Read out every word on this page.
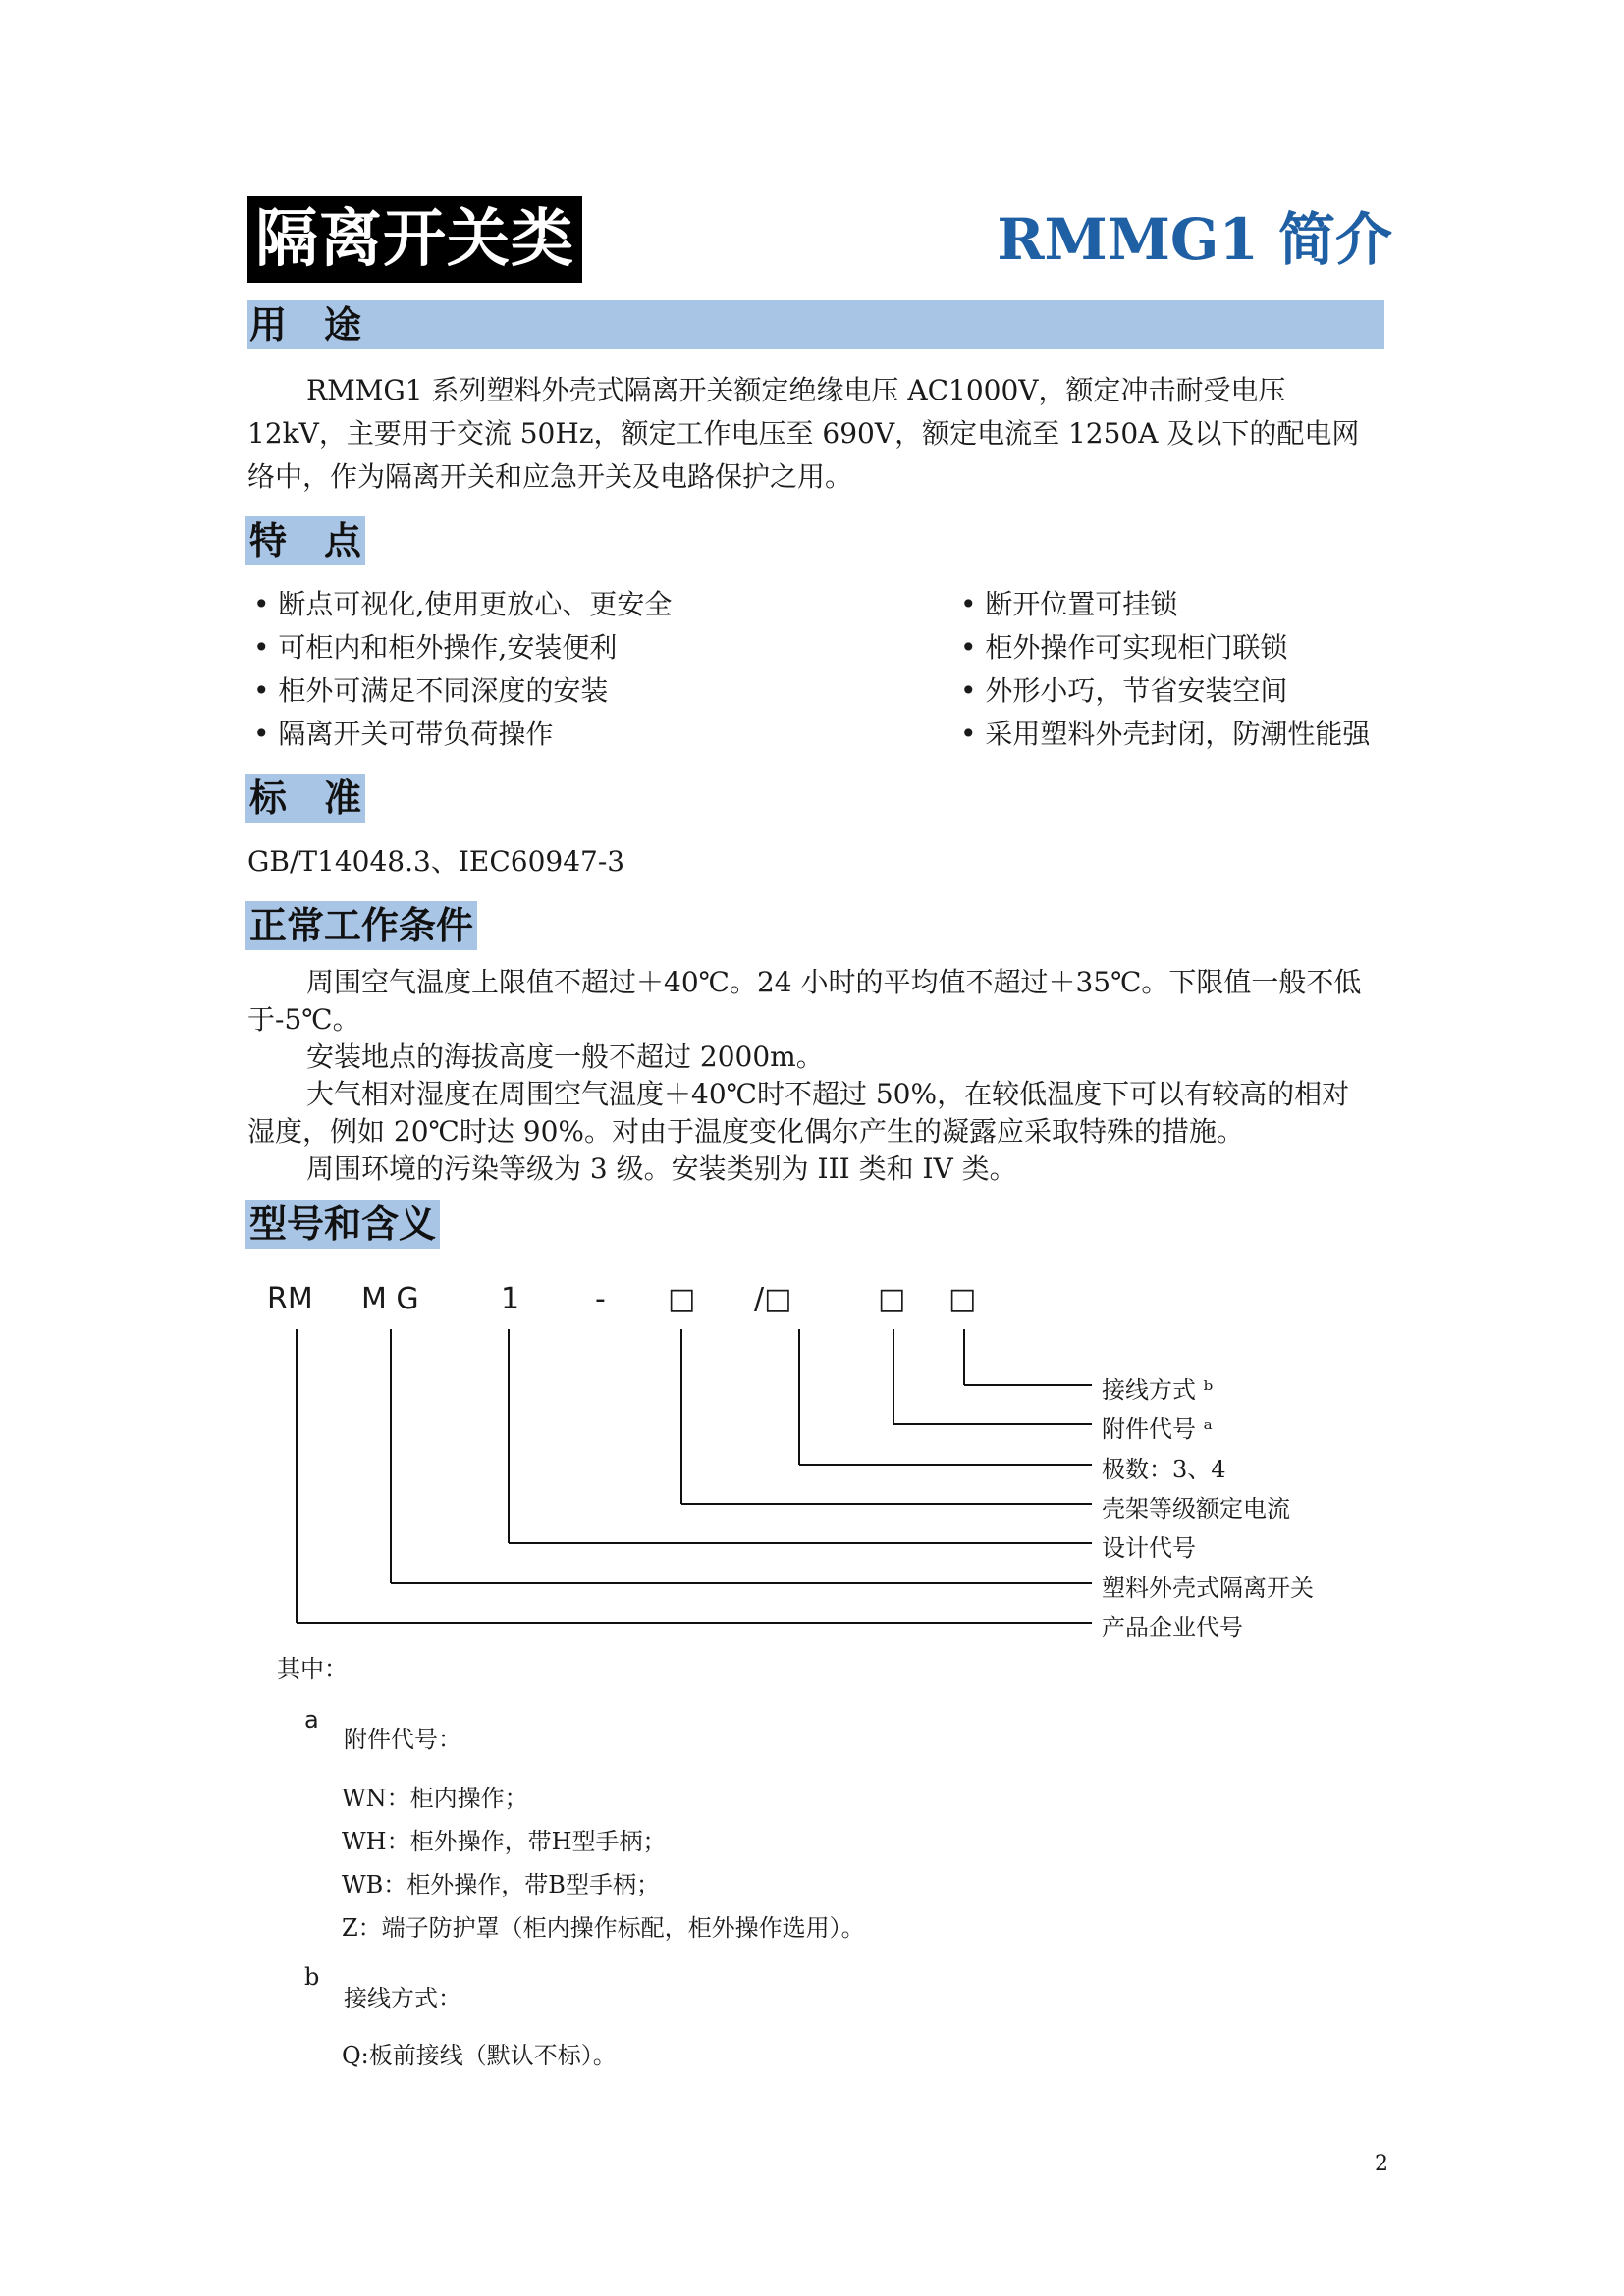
隔离开关类	RMMG1 简介
用　途

RMMG1 系列塑料外壳式隔离开关额定绝缘电压 AC1000V，额定冲击耐受电压 12kV，主要用于交流 50Hz，额定工作电压至 690V，额定电流至 1250A 及以下的配电网络中，作为隔离开关和应急开关及电路保护之用。

特　点
• 断点可视化,使用更放心、更安全
• 可柜内和柜外操作,安装便利
• 柜外可满足不同深度的安装
• 隔离开关可带负荷操作
• 断开位置可挂锁
• 柜外操作可实现柜门联锁
• 外形小巧，节省安装空间
• 采用塑料外壳封闭，防潮性能强
标　准
GB/T14048.3、IEC60947-3
正常工作条件

周围空气温度上限值不超过＋40℃。24 小时的平均值不超过＋35℃。下限值一般不低于-5℃。

安装地点的海拔高度一般不超过 2000m。

大气相对湿度在周围空气温度＋40℃时不超过 50%，在较低温度下可以有较高的相对湿度，例如 20℃时达 90%。对由于温度变化偶尔产生的凝露应采取特殊的措施。

周围环境的污染等级为 3 级。安装类别为 III 类和 IV 类。

型号和含义
RM M G	1	- □ /□	□ □
接线方式 ᵇ
附件代号 ᵃ
极数：3、4
壳架等级额定电流
设计代号
塑料外壳式隔离开关
产品企业代号
其中：
a
附件代号：
WN：柜内操作；
WH：柜外操作，带H型手柄；
WB：柜外操作，带B型手柄；
Z：端子防护罩（柜内操作标配，柜外操作选用）。
b
接线方式：
Q:板前接线（默认不标）。
2
